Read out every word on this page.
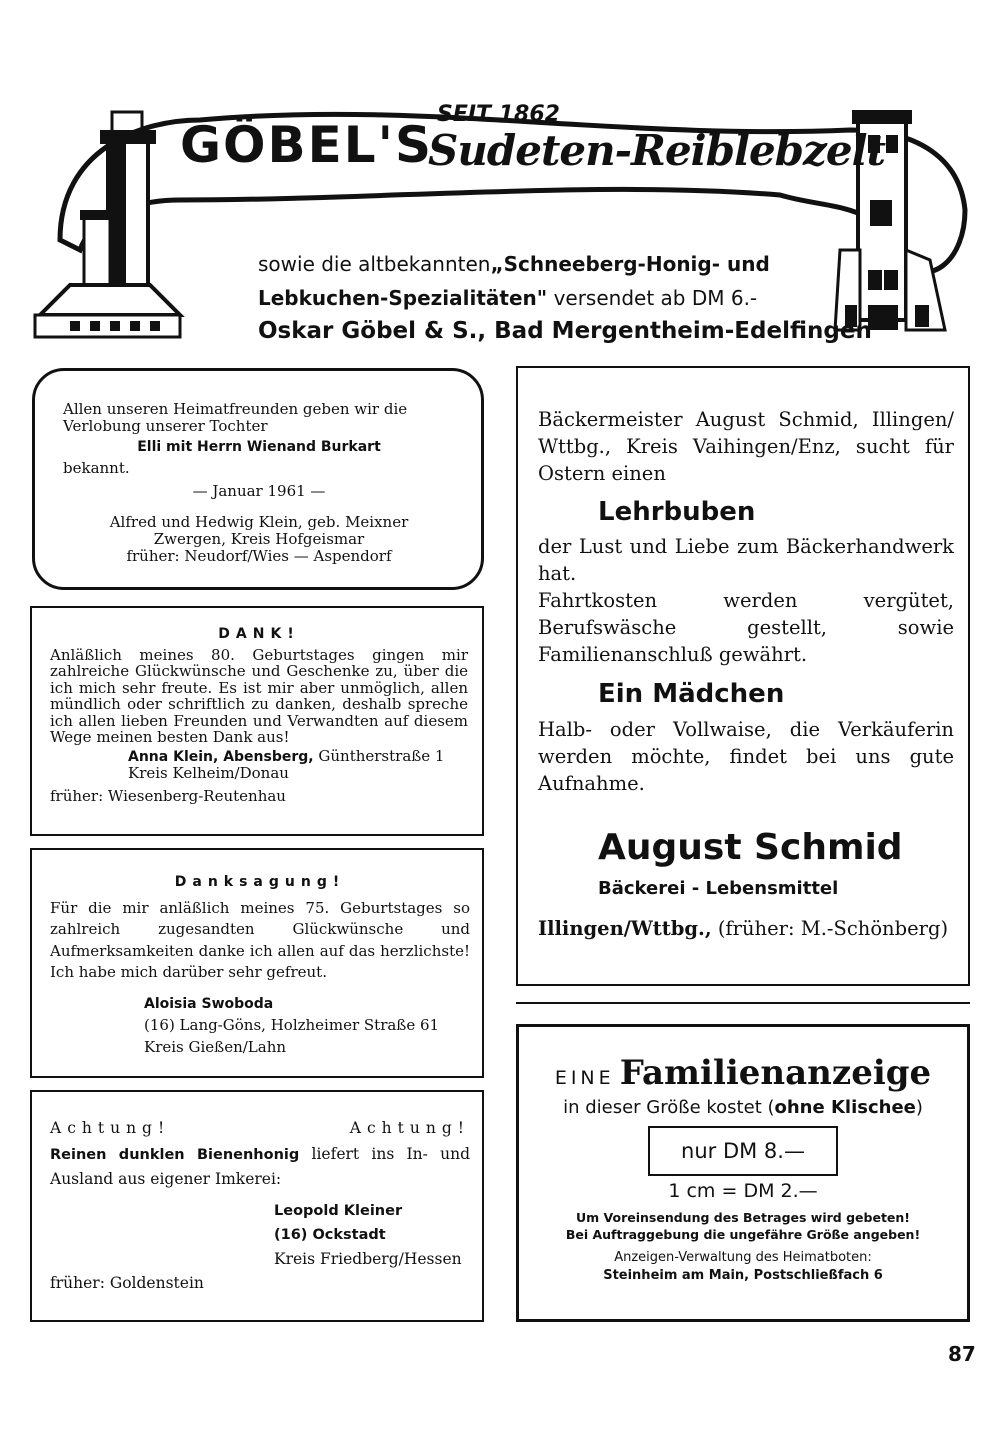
SEIT 1862
GÖBEL'S
Sudeten-Reiblebzelt
sowie die altbekannten„Schneeberg-Honig- und
Lebkuchen-Spezialitäten" versendet ab DM 6.-
Oskar Göbel & S., Bad Mergentheim-Edelfingen
Allen unseren Heimatfreunden geben wir die
Verlobung unserer Tochter
Elli mit Herrn Wienand Burkart
bekannt.
— Januar 1961 —
Alfred und Hedwig Klein, geb. Meixner
Zwergen, Kreis Hofgeismar
früher: Neudorf/Wies — Aspendorf
DANK!
Anläßlich meines 80. Geburtstages gingen mir zahlreiche Glückwünsche und Geschenke zu, über die ich mich sehr freute. Es ist mir aber unmöglich, allen mündlich oder schriftlich zu danken, deshalb spreche ich allen lieben Freunden und Verwandten auf diesem Wege meinen besten Dank aus!
Anna Klein, Abensberg, Güntherstraße 1
Kreis Kelheim/Donau
früher: Wiesenberg-Reutenhau
Danksagung!
Für die mir anläßlich meines 75. Geburtstages so zahlreich zugesandten Glückwünsche und Aufmerksamkeiten danke ich allen auf das herzlichste! Ich habe mich darüber sehr gefreut.
Aloisia Swoboda
(16) Lang-Göns, Holzheimer Straße 61
Kreis Gießen/Lahn
Achtung!	Achtung!
Reinen dunklen Bienenhonig liefert ins In- und Ausland aus eigener Imkerei:
Leopold Kleiner
(16) Ockstadt
Kreis Friedberg/Hessen
früher: Goldenstein
Bäckermeister August Schmid, Illingen/ Wttbg., Kreis Vaihingen/Enz, sucht für Ostern einen
Lehrbuben
der Lust und Liebe zum Bäckerhandwerk hat.
Fahrtkosten werden vergütet, Berufswäsche gestellt, sowie Familienanschluß gewährt.
Ein Mädchen
Halb- oder Vollwaise, die Verkäuferin werden möchte, findet bei uns gute Aufnahme.
August Schmid
Bäckerei - Lebensmittel
Illingen/Wttbg., (früher: M.-Schönberg)
EINE Familienanzeige
in dieser Größe kostet (ohne Klischee)
nur DM 8.—
1 cm = DM 2.—
Um Voreinsendung des Betrages wird gebeten!
Bei Auftraggebung die ungefähre Größe angeben!
Anzeigen-Verwaltung des Heimatboten:
Steinheim am Main, Postschließfach 6
87
